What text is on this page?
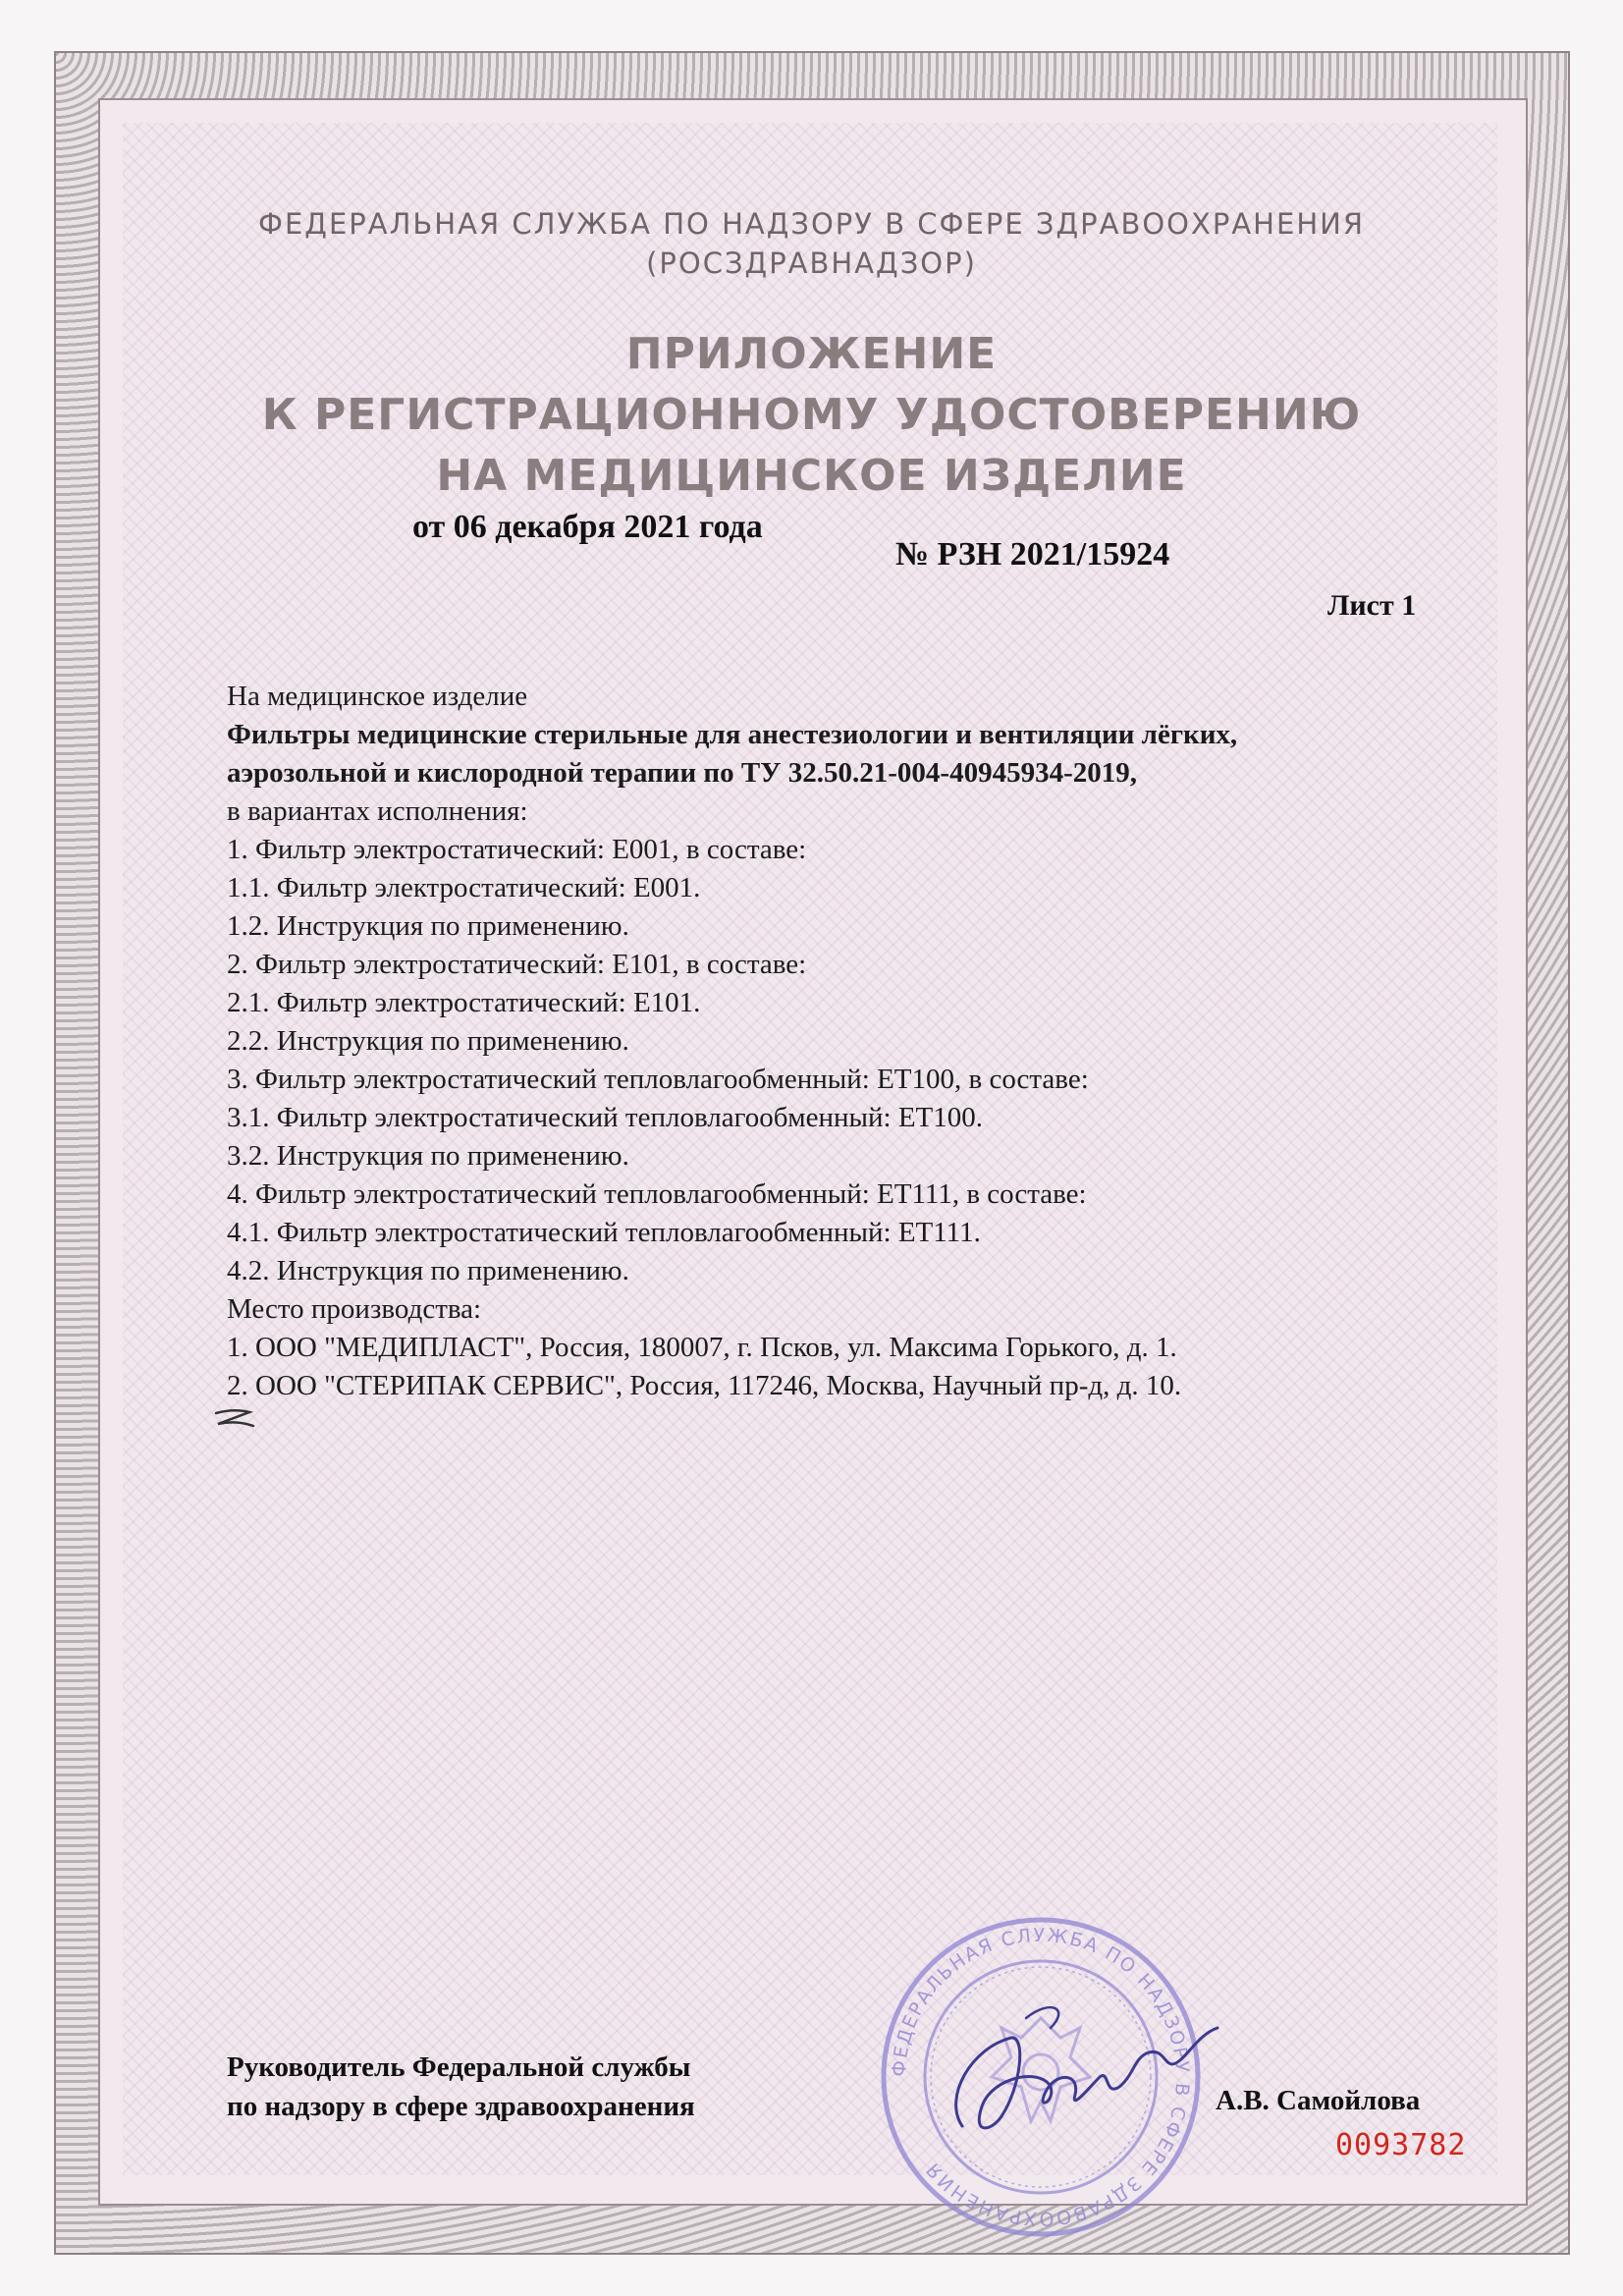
ФЕДЕРАЛЬНАЯ СЛУЖБА ПО НАДЗОРУ В СФЕРЕ ЗДРАВООХРАНЕНИЯ
(РОСЗДРАВНАДЗОР)
ПРИЛОЖЕНИЕ
К РЕГИСТРАЦИОННОМУ УДОСТОВЕРЕНИЮ
НА МЕДИЦИНСКОЕ ИЗДЕЛИЕ
от 06 декабря 2021 года
№ РЗН 2021/15924
Лист 1
На медицинское изделие
Фильтры медицинские стерильные для анестезиологии и вентиляции лёгких,
аэрозольной и кислородной терапии по ТУ 32.50.21-004-40945934-2019,
в вариантах исполнения:
1. Фильтр электростатический: E001, в составе:
1.1. Фильтр электростатический: E001.
1.2. Инструкция по применению.
2. Фильтр электростатический: E101, в составе:
2.1. Фильтр электростатический: E101.
2.2. Инструкция по применению.
3. Фильтр электростатический тепловлагообменный: ET100, в составе:
3.1. Фильтр электростатический тепловлагообменный: ET100.
3.2. Инструкция по применению.
4. Фильтр электростатический тепловлагообменный: ET111, в составе:
4.1. Фильтр электростатический тепловлагообменный: ET111.
4.2. Инструкция по применению.
Место производства:
1. ООО "МЕДИПЛАСТ", Россия, 180007, г. Псков, ул. Максима Горького, д. 1.
2. ООО "СТЕРИПАК СЕРВИС", Россия, 117246, Москва, Научный пр-д, д. 10.
ФЕДЕРАЛЬНАЯ СЛУЖБА ПО НАДЗОРУ В СФЕРЕ ЗДРАВООХРАНЕНИЯ
Руководитель Федеральной службы
по надзору в сфере здравоохранения	А.В. Самойлова
0093782
